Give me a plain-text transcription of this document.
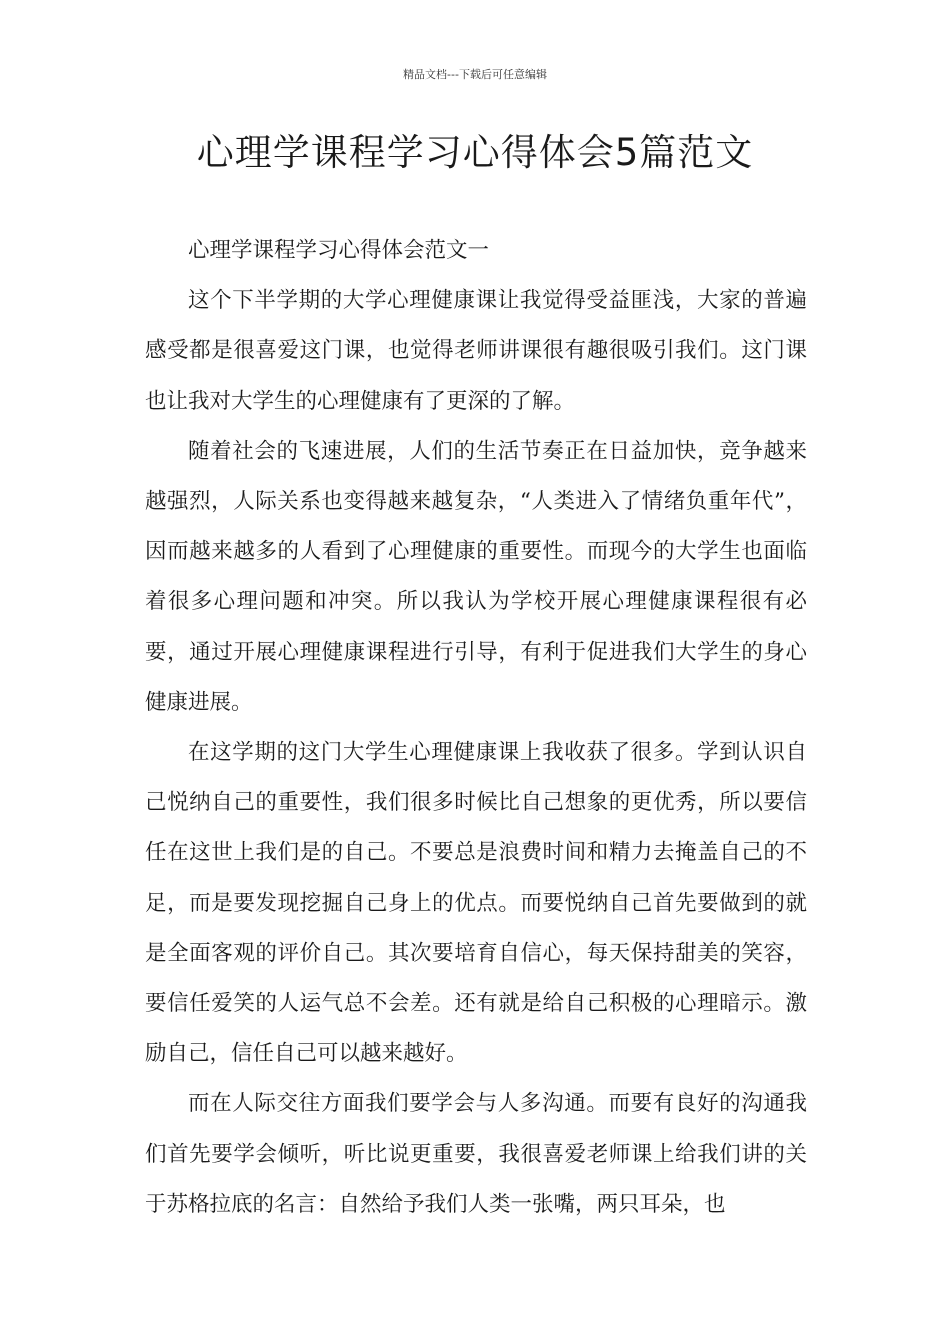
精品文档---下载后可任意编辑
心理学课程学习心得体会5篇范文

心理学课程学习心得体会范文一

这个下半学期的大学心理健康课让我觉得受益匪浅，大家的普遍感受都是很喜爱这门课，也觉得老师讲课很有趣很吸引我们。这门课也让我对大学生的心理健康有了更深的了解。

随着社会的飞速进展，人们的生活节奏正在日益加快，竞争越来越强烈，人际关系也变得越来越复杂，“人类进入了情绪负重年代”，因而越来越多的人看到了心理健康的重要性。而现今的大学生也面临着很多心理问题和冲突。所以我认为学校开展心理健康课程很有必要，通过开展心理健康课程进行引导，有利于促进我们大学生的身心健康进展。

在这学期的这门大学生心理健康课上我收获了很多。学到认识自己悦纳自己的重要性，我们很多时候比自己想象的更优秀，所以要信任在这世上我们是的自己。不要总是浪费时间和精力去掩盖自己的不足，而是要发现挖掘自己身上的优点。而要悦纳自己首先要做到的就是全面客观的评价自己。其次要培育自信心，每天保持甜美的笑容，要信任爱笑的人运气总不会差。还有就是给自己积极的心理暗示。激励自己，信任自己可以越来越好。

而在人际交往方面我们要学会与人多沟通。而要有良好的沟通我们首先要学会倾听，听比说更重要，我很喜爱老师课上给我们讲的关于苏格拉底的名言：自然给予我们人类一张嘴，两只耳朵，也
